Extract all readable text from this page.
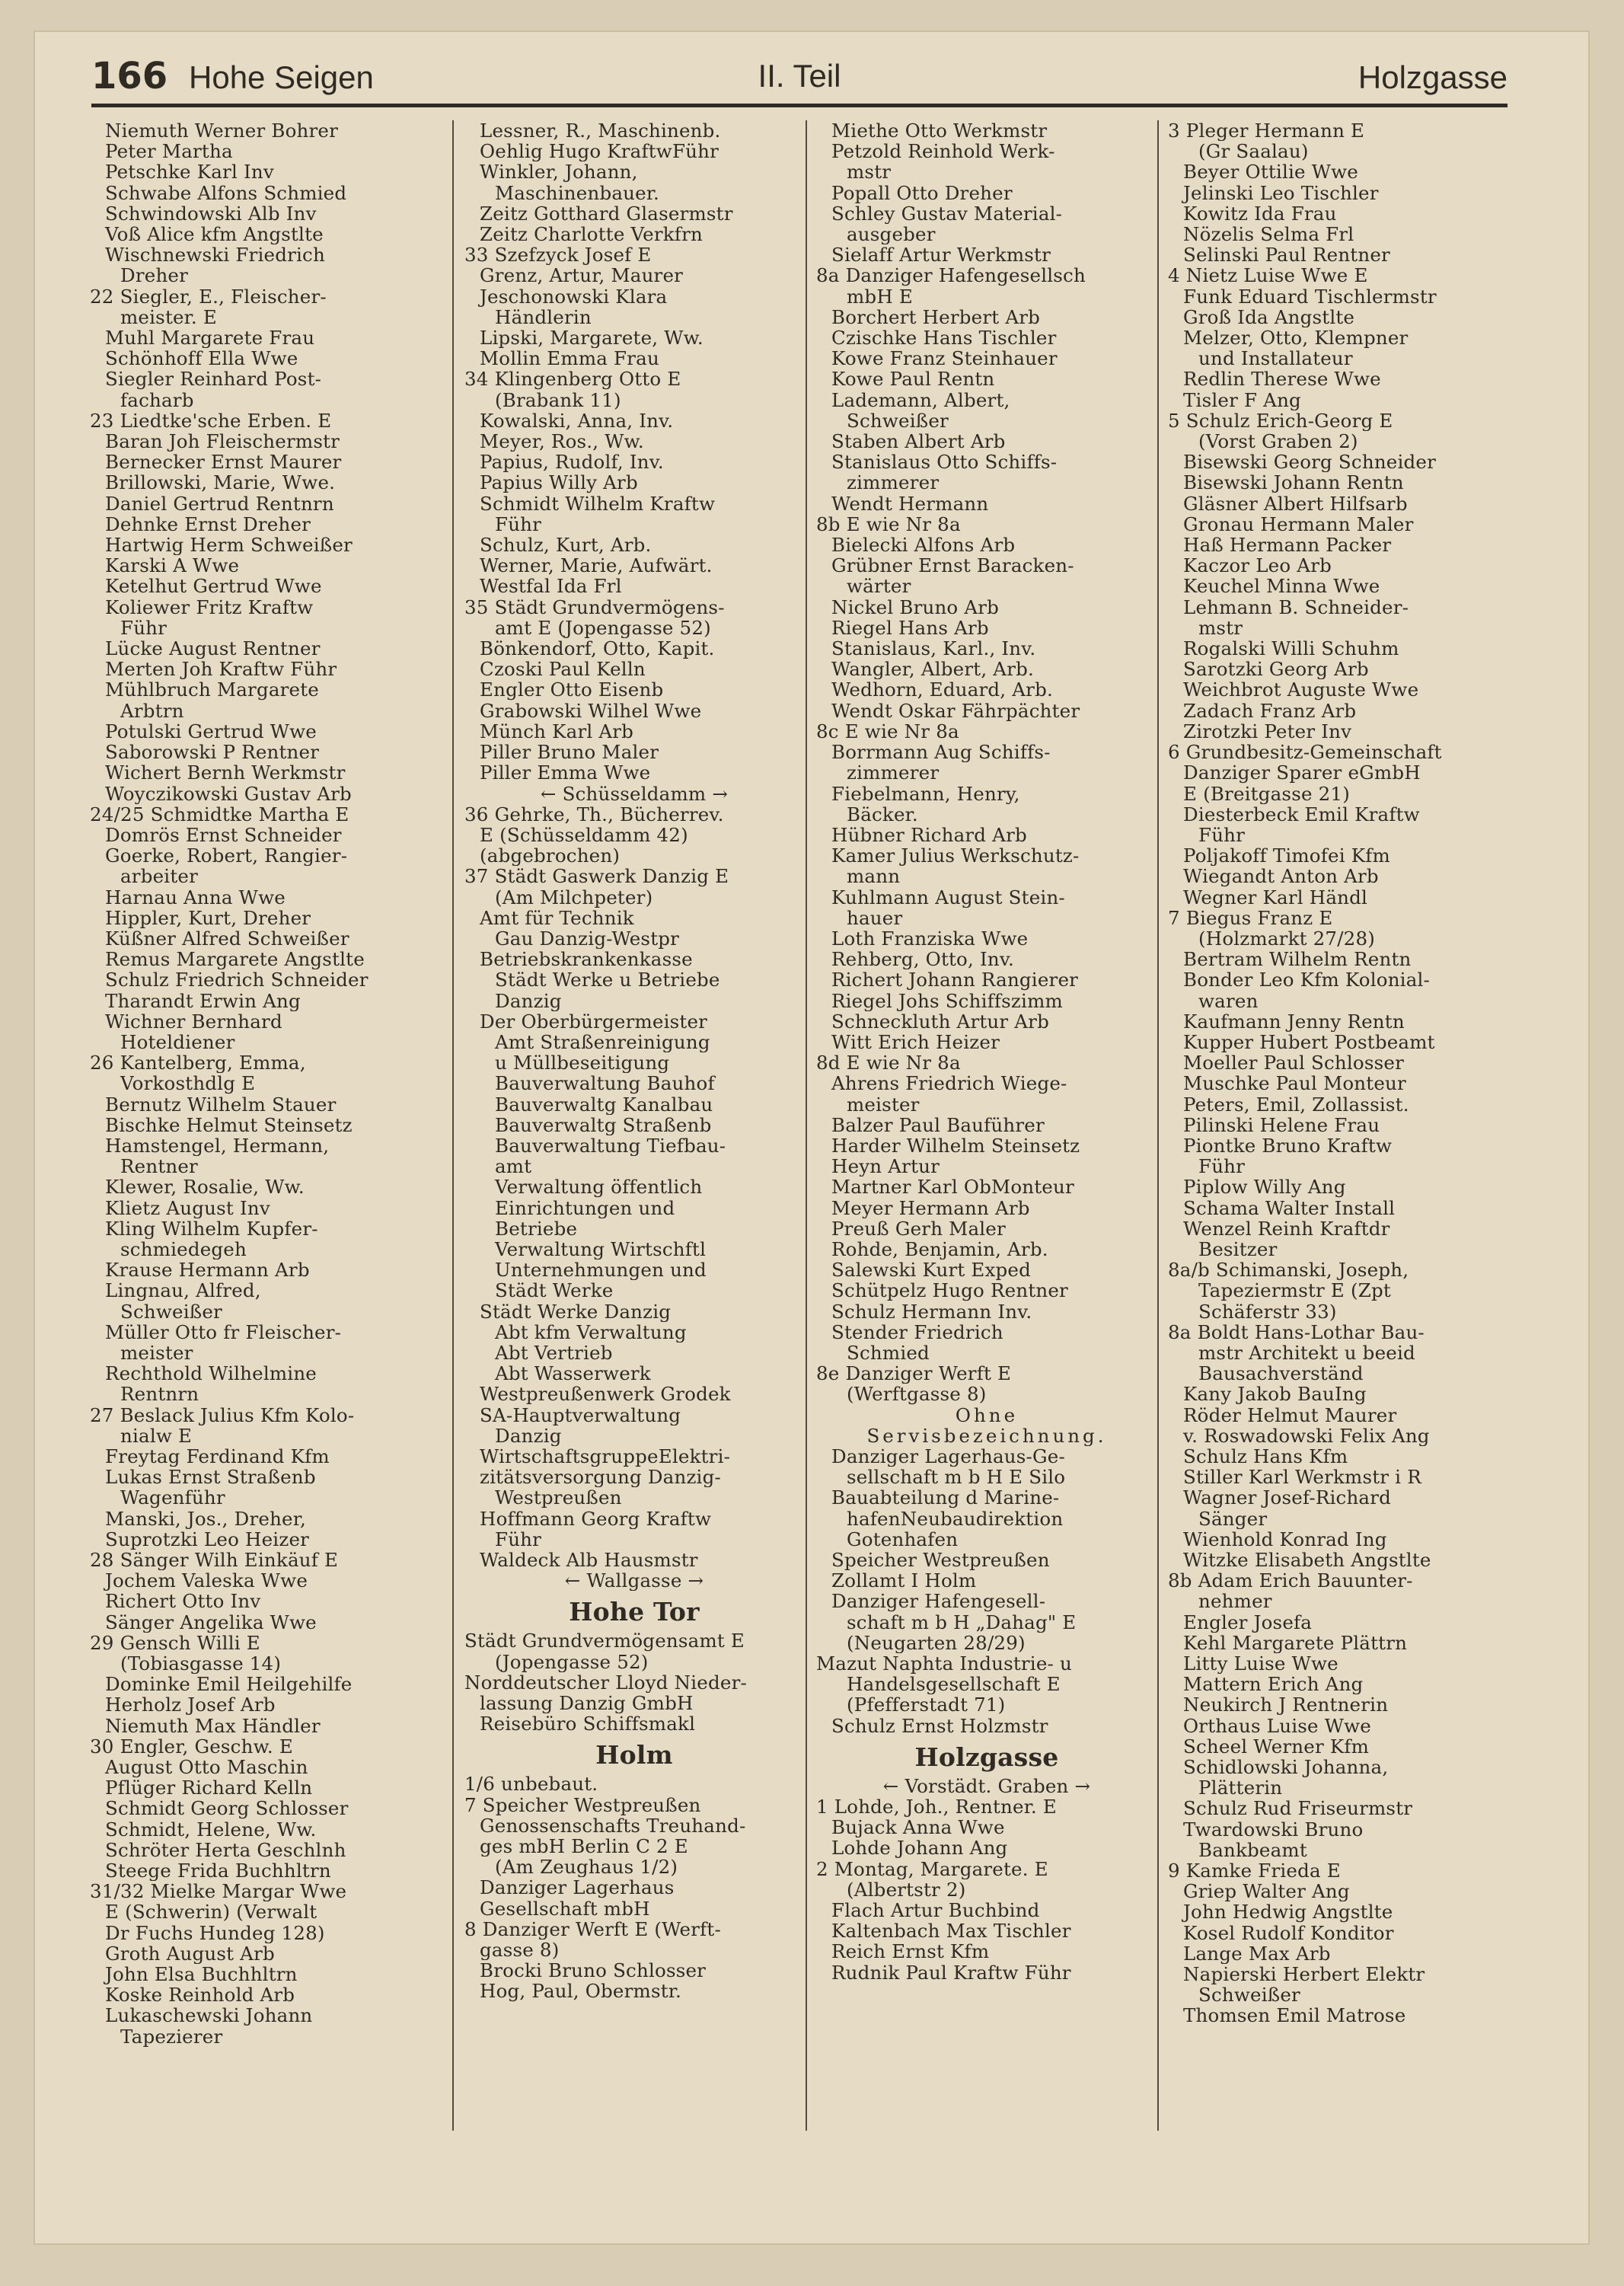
166 Hohe Seigen	II. Teil	Holzgasse
Niemuth Werner Bohrer
Peter Martha
Petschke Karl Inv
Schwabe Alfons Schmied
Schwindowski Alb Inv
Voß Alice kfm Angstlte
Wischnewski Friedrich
Dreher
22 Siegler, E., Fleischer-
meister. E
Muhl Margarete Frau
Schönhoff Ella Wwe
Siegler Reinhard Post-
facharb
23 Liedtke'sche Erben. E
Baran Joh Fleischermstr
Bernecker Ernst Maurer
Brillowski, Marie, Wwe.
Daniel Gertrud Rentnrn
Dehnke Ernst Dreher
Hartwig Herm Schweißer
Karski A Wwe
Ketelhut Gertrud Wwe
Koliewer Fritz Kraftw
Führ
Lücke August Rentner
Merten Joh Kraftw Führ
Mühlbruch Margarete
Arbtrn
Potulski Gertrud Wwe
Saborowski P Rentner
Wichert Bernh Werkmstr
Woyczikowski Gustav Arb
24/25 Schmidtke Martha E
Domrös Ernst Schneider
Goerke, Robert, Rangier-
arbeiter
Harnau Anna Wwe
Hippler, Kurt, Dreher
Küßner Alfred Schweißer
Remus Margarete Angstlte
Schulz Friedrich Schneider
Tharandt Erwin Ang
Wichner Bernhard
Hoteldiener
26 Kantelberg, Emma,
Vorkosthdlg E
Bernutz Wilhelm Stauer
Bischke Helmut Steinsetz
Hamstengel, Hermann,
Rentner
Klewer, Rosalie, Ww.
Klietz August Inv
Kling Wilhelm Kupfer-
schmiedegeh
Krause Hermann Arb
Lingnau, Alfred,
Schweißer
Müller Otto fr Fleischer-
meister
Rechthold Wilhelmine
Rentnrn
27 Beslack Julius Kfm Kolo-
nialw E
Freytag Ferdinand Kfm
Lukas Ernst Straßenb
Wagenführ
Manski, Jos., Dreher,
Suprotzki Leo Heizer
28 Sänger Wilh Einkäuf E
Jochem Valeska Wwe
Richert Otto Inv
Sänger Angelika Wwe
29 Gensch Willi E
(Tobiasgasse 14)
Dominke Emil Heilgehilfe
Herholz Josef Arb
Niemuth Max Händler
30 Engler, Geschw. E
August Otto Maschin
Pflüger Richard Kelln
Schmidt Georg Schlosser
Schmidt, Helene, Ww.
Schröter Herta Geschlnh
Steege Frida Buchhltrn
31/32 Mielke Margar Wwe
E (Schwerin) (Verwalt
Dr Fuchs Hundeg 128)
Groth August Arb
John Elsa Buchhltrn
Koske Reinhold Arb
Lukaschewski Johann
Tapezierer
Lessner, R., Maschinenb.
Oehlig Hugo KraftwFühr
Winkler, Johann,
Maschinenbauer.
Zeitz Gotthard Glasermstr
Zeitz Charlotte Verkfrn
33 Szefzyck Josef E
Grenz, Artur, Maurer
Jeschonowski Klara
Händlerin
Lipski, Margarete, Ww.
Mollin Emma Frau
34 Klingenberg Otto E
(Brabank 11)
Kowalski, Anna, Inv.
Meyer, Ros., Ww.
Papius, Rudolf, Inv.
Papius Willy Arb
Schmidt Wilhelm Kraftw
Führ
Schulz, Kurt, Arb.
Werner, Marie, Aufwärt.
Westfal Ida Frl
35 Städt Grundvermögens-
amt E (Jopengasse 52)
Bönkendorf, Otto, Kapit.
Czoski Paul Kelln
Engler Otto Eisenb
Grabowski Wilhel Wwe
Münch Karl Arb
Piller Bruno Maler
Piller Emma Wwe
← Schüsseldamm →
36 Gehrke, Th., Bücherrev.
E (Schüsseldamm 42)
(abgebrochen)
37 Städt Gaswerk Danzig E
(Am Milchpeter)
Amt für Technik
Gau Danzig-Westpr
Betriebskrankenkasse
Städt Werke u Betriebe
Danzig
Der Oberbürgermeister
Amt Straßenreinigung
u Müllbeseitigung
Bauverwaltung Bauhof
Bauverwaltg Kanalbau
Bauverwaltg Straßenb
Bauverwaltung Tiefbau-
amt
Verwaltung öffentlich
Einrichtungen und
Betriebe
Verwaltung Wirtschftl
Unternehmungen und
Städt Werke
Städt Werke Danzig
Abt kfm Verwaltung
Abt Vertrieb
Abt Wasserwerk
Westpreußenwerk Grodek
SA-Hauptverwaltung
Danzig
WirtschaftsgruppeElektri-
zitätsversorgung Danzig-
Westpreußen
Hoffmann Georg Kraftw
Führ
Waldeck Alb Hausmstr
← Wallgasse →
Hohe Tor
Städt Grundvermögensamt E
(Jopengasse 52)
Norddeutscher Lloyd Nieder-
lassung Danzig GmbH
Reisebüro Schiffsmakl
Holm
1/6 unbebaut.
7 Speicher Westpreußen
Genossenschafts Treuhand-
ges mbH Berlin C 2 E
(Am Zeughaus 1/2)
Danziger Lagerhaus
Gesellschaft mbH
8 Danziger Werft E (Werft-
gasse 8)
Brocki Bruno Schlosser
Hog, Paul, Obermstr.
Miethe Otto Werkmstr
Petzold Reinhold Werk-
mstr
Popall Otto Dreher
Schley Gustav Material-
ausgeber
Sielaff Artur Werkmstr
8a Danziger Hafengesellsch
mbH E
Borchert Herbert Arb
Czischke Hans Tischler
Kowe Franz Steinhauer
Kowe Paul Rentn
Lademann, Albert,
Schweißer
Staben Albert Arb
Stanislaus Otto Schiffs-
zimmerer
Wendt Hermann
8b E wie Nr 8a
Bielecki Alfons Arb
Grübner Ernst Baracken-
wärter
Nickel Bruno Arb
Riegel Hans Arb
Stanislaus, Karl., Inv.
Wangler, Albert, Arb.
Wedhorn, Eduard, Arb.
Wendt Oskar Fährpächter
8c E wie Nr 8a
Borrmann Aug Schiffs-
zimmerer
Fiebelmann, Henry,
Bäcker.
Hübner Richard Arb
Kamer Julius Werkschutz-
mann
Kuhlmann August Stein-
hauer
Loth Franziska Wwe
Rehberg, Otto, Inv.
Richert Johann Rangierer
Riegel Johs Schiffszimm
Schneckluth Artur Arb
Witt Erich Heizer
8d E wie Nr 8a
Ahrens Friedrich Wiege-
meister
Balzer Paul Bauführer
Harder Wilhelm Steinsetz
Heyn Artur
Martner Karl ObMonteur
Meyer Hermann Arb
Preuß Gerh Maler
Rohde, Benjamin, Arb.
Salewski Kurt Exped
Schütpelz Hugo Rentner
Schulz Hermann Inv.
Stender Friedrich
Schmied
8e Danziger Werft E
(Werftgasse 8)
Ohne
Servisbezeichnung.
Danziger Lagerhaus-Ge-
sellschaft m b H E Silo
Bauabteilung d Marine-
hafenNeubaudirektion
Gotenhafen
Speicher Westpreußen
Zollamt I Holm
Danziger Hafengesell-
schaft m b H „Dahag" E
(Neugarten 28/29)
Mazut Naphta Industrie- u
Handelsgesellschaft E
(Pfefferstadt 71)
Schulz Ernst Holzmstr
Holzgasse
← Vorstädt. Graben →
1 Lohde, Joh., Rentner. E
Bujack Anna Wwe
Lohde Johann Ang
2 Montag, Margarete. E
(Albertstr 2)
Flach Artur Buchbind
Kaltenbach Max Tischler
Reich Ernst Kfm
Rudnik Paul Kraftw Führ
3 Pleger Hermann E
(Gr Saalau)
Beyer Ottilie Wwe
Jelinski Leo Tischler
Kowitz Ida Frau
Nözelis Selma Frl
Selinski Paul Rentner
4 Nietz Luise Wwe E
Funk Eduard Tischlermstr
Groß Ida Angstlte
Melzer, Otto, Klempner
und Installateur
Redlin Therese Wwe
Tisler F Ang
5 Schulz Erich-Georg E
(Vorst Graben 2)
Bisewski Georg Schneider
Bisewski Johann Rentn
Gläsner Albert Hilfsarb
Gronau Hermann Maler
Haß Hermann Packer
Kaczor Leo Arb
Keuchel Minna Wwe
Lehmann B. Schneider-
mstr
Rogalski Willi Schuhm
Sarotzki Georg Arb
Weichbrot Auguste Wwe
Zadach Franz Arb
Zirotzki Peter Inv
6 Grundbesitz-Gemeinschaft
Danziger Sparer eGmbH
E (Breitgasse 21)
Diesterbeck Emil Kraftw
Führ
Poljakoff Timofei Kfm
Wiegandt Anton Arb
Wegner Karl Händl
7 Biegus Franz E
(Holzmarkt 27/28)
Bertram Wilhelm Rentn
Bonder Leo Kfm Kolonial-
waren
Kaufmann Jenny Rentn
Kupper Hubert Postbeamt
Moeller Paul Schlosser
Muschke Paul Monteur
Peters, Emil, Zollassist.
Pilinski Helene Frau
Piontke Bruno Kraftw
Führ
Piplow Willy Ang
Schama Walter Install
Wenzel Reinh Kraftdr
Besitzer
8a/b Schimanski, Joseph,
Tapeziermstr E (Zpt
Schäferstr 33)
8a Boldt Hans-Lothar Bau-
mstr Architekt u beeid
Bausachverständ
Kany Jakob BauIng
Röder Helmut Maurer
v. Roswadowski Felix Ang
Schulz Hans Kfm
Stiller Karl Werkmstr i R
Wagner Josef-Richard
Sänger
Wienhold Konrad Ing
Witzke Elisabeth Angstlte
8b Adam Erich Bauunter-
nehmer
Engler Josefa
Kehl Margarete Plättrn
Litty Luise Wwe
Mattern Erich Ang
Neukirch J Rentnerin
Orthaus Luise Wwe
Scheel Werner Kfm
Schidlowski Johanna,
Plätterin
Schulz Rud Friseurmstr
Twardowski Bruno
Bankbeamt
9 Kamke Frieda E
Griep Walter Ang
John Hedwig Angstlte
Kosel Rudolf Konditor
Lange Max Arb
Napierski Herbert Elektr
Schweißer
Thomsen Emil Matrose
